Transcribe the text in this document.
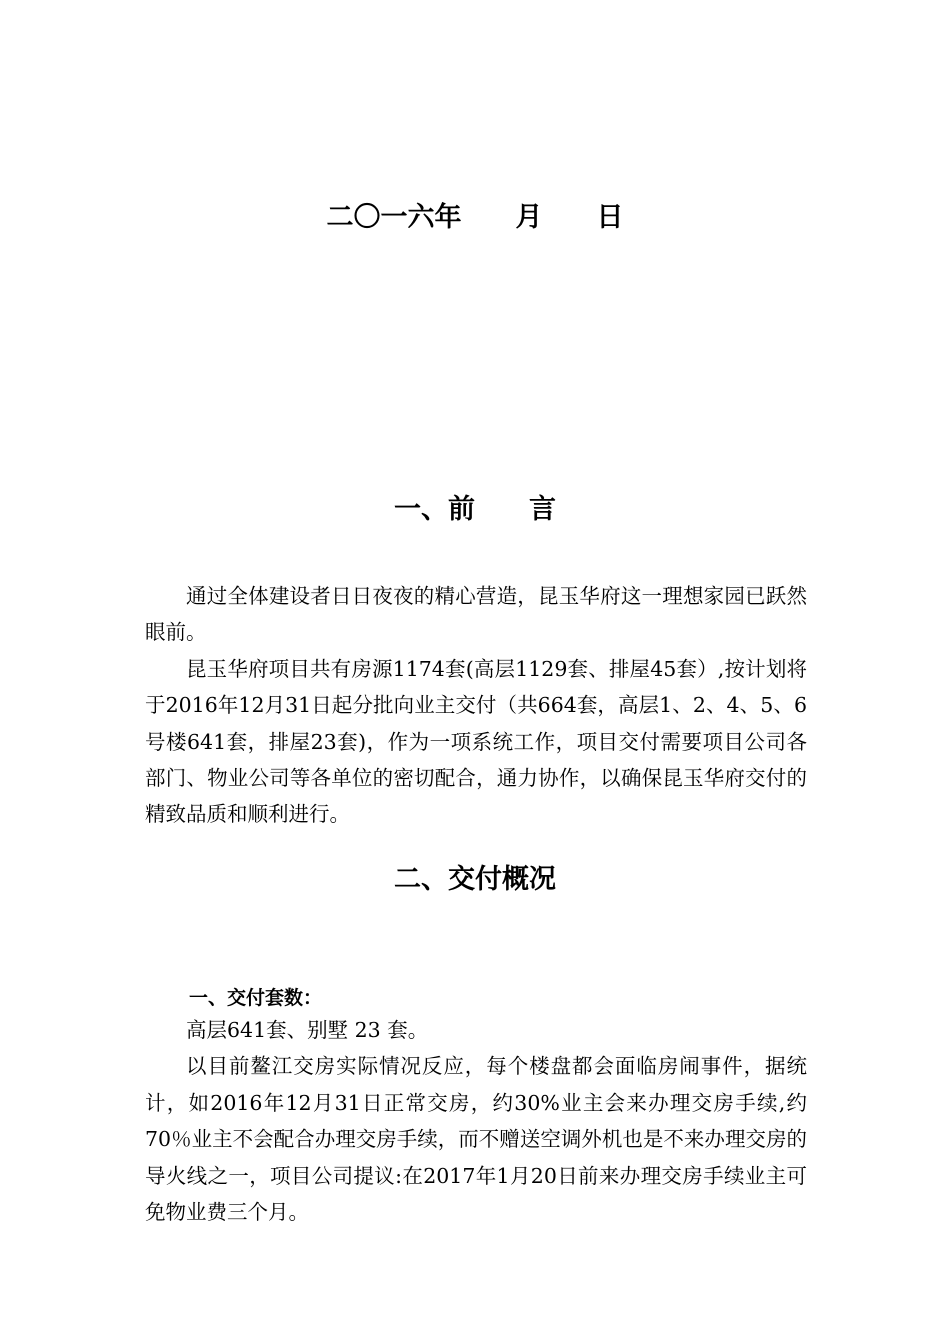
二〇一六年　　月　　日
一、前　　言

通过全体建设者日日夜夜的精心营造，昆玉华府这一理想家园已跃然眼前。

昆玉华府项目共有房源1174套(高层1129套、排屋45套）,按计划将于2016年12月31日起分批向业主交付（共664套，高层1、2、4、5、6号楼641套，排屋23套)，作为一项系统工作，项目交付需要项目公司各部门、物业公司等各单位的密切配合，通力协作，以确保昆玉华府交付的精致品质和顺利进行。

二、交付概况
一、交付套数：

高层641套、别墅 23 套。

以目前鳌江交房实际情况反应，每个楼盘都会面临房闹事件，据统计，如2016年12月31日正常交房，约30%业主会来办理交房手续,约70％业主不会配合办理交房手续，而不赠送空调外机也是不来办理交房的导火线之一，项目公司提议:在2017年1月20日前来办理交房手续业主可免物业费三个月。
